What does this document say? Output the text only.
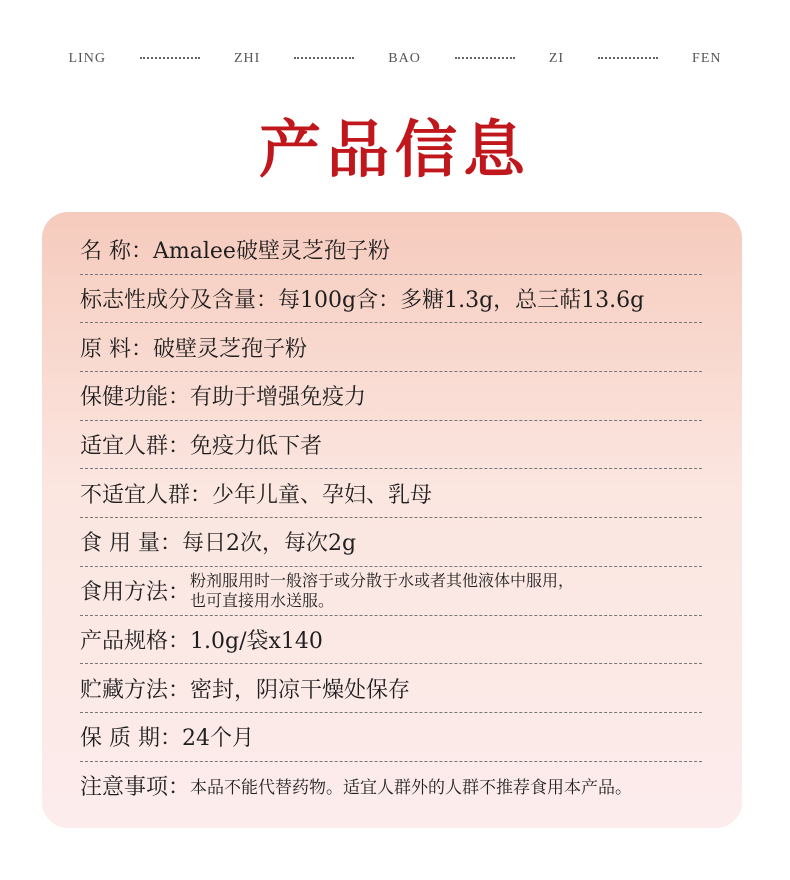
LING	ZHI	BAO	ZI	FEN
产品信息
名 称： Amalee破壁灵芝孢子粉
标志性成分及含量： 每100g含：多糖1.3g，总三萜13.6g
原 料： 破壁灵芝孢子粉
保健功能： 有助于增强免疫力
适宜人群： 免疫力低下者
不适宜人群： 少年儿童、孕妇、乳母
食 用 量： 每日2次，每次2g
食用方法： 粉剂服用时一般溶于或分散于水或者其他液体中服用，
也可直接用水送服。
产品规格： 1.0g/袋x140
贮藏方法： 密封，阴凉干燥处保存
保 质 期： 24个月
注意事项： 本品不能代替药物。适宜人群外的人群不推荐食用本产品。
